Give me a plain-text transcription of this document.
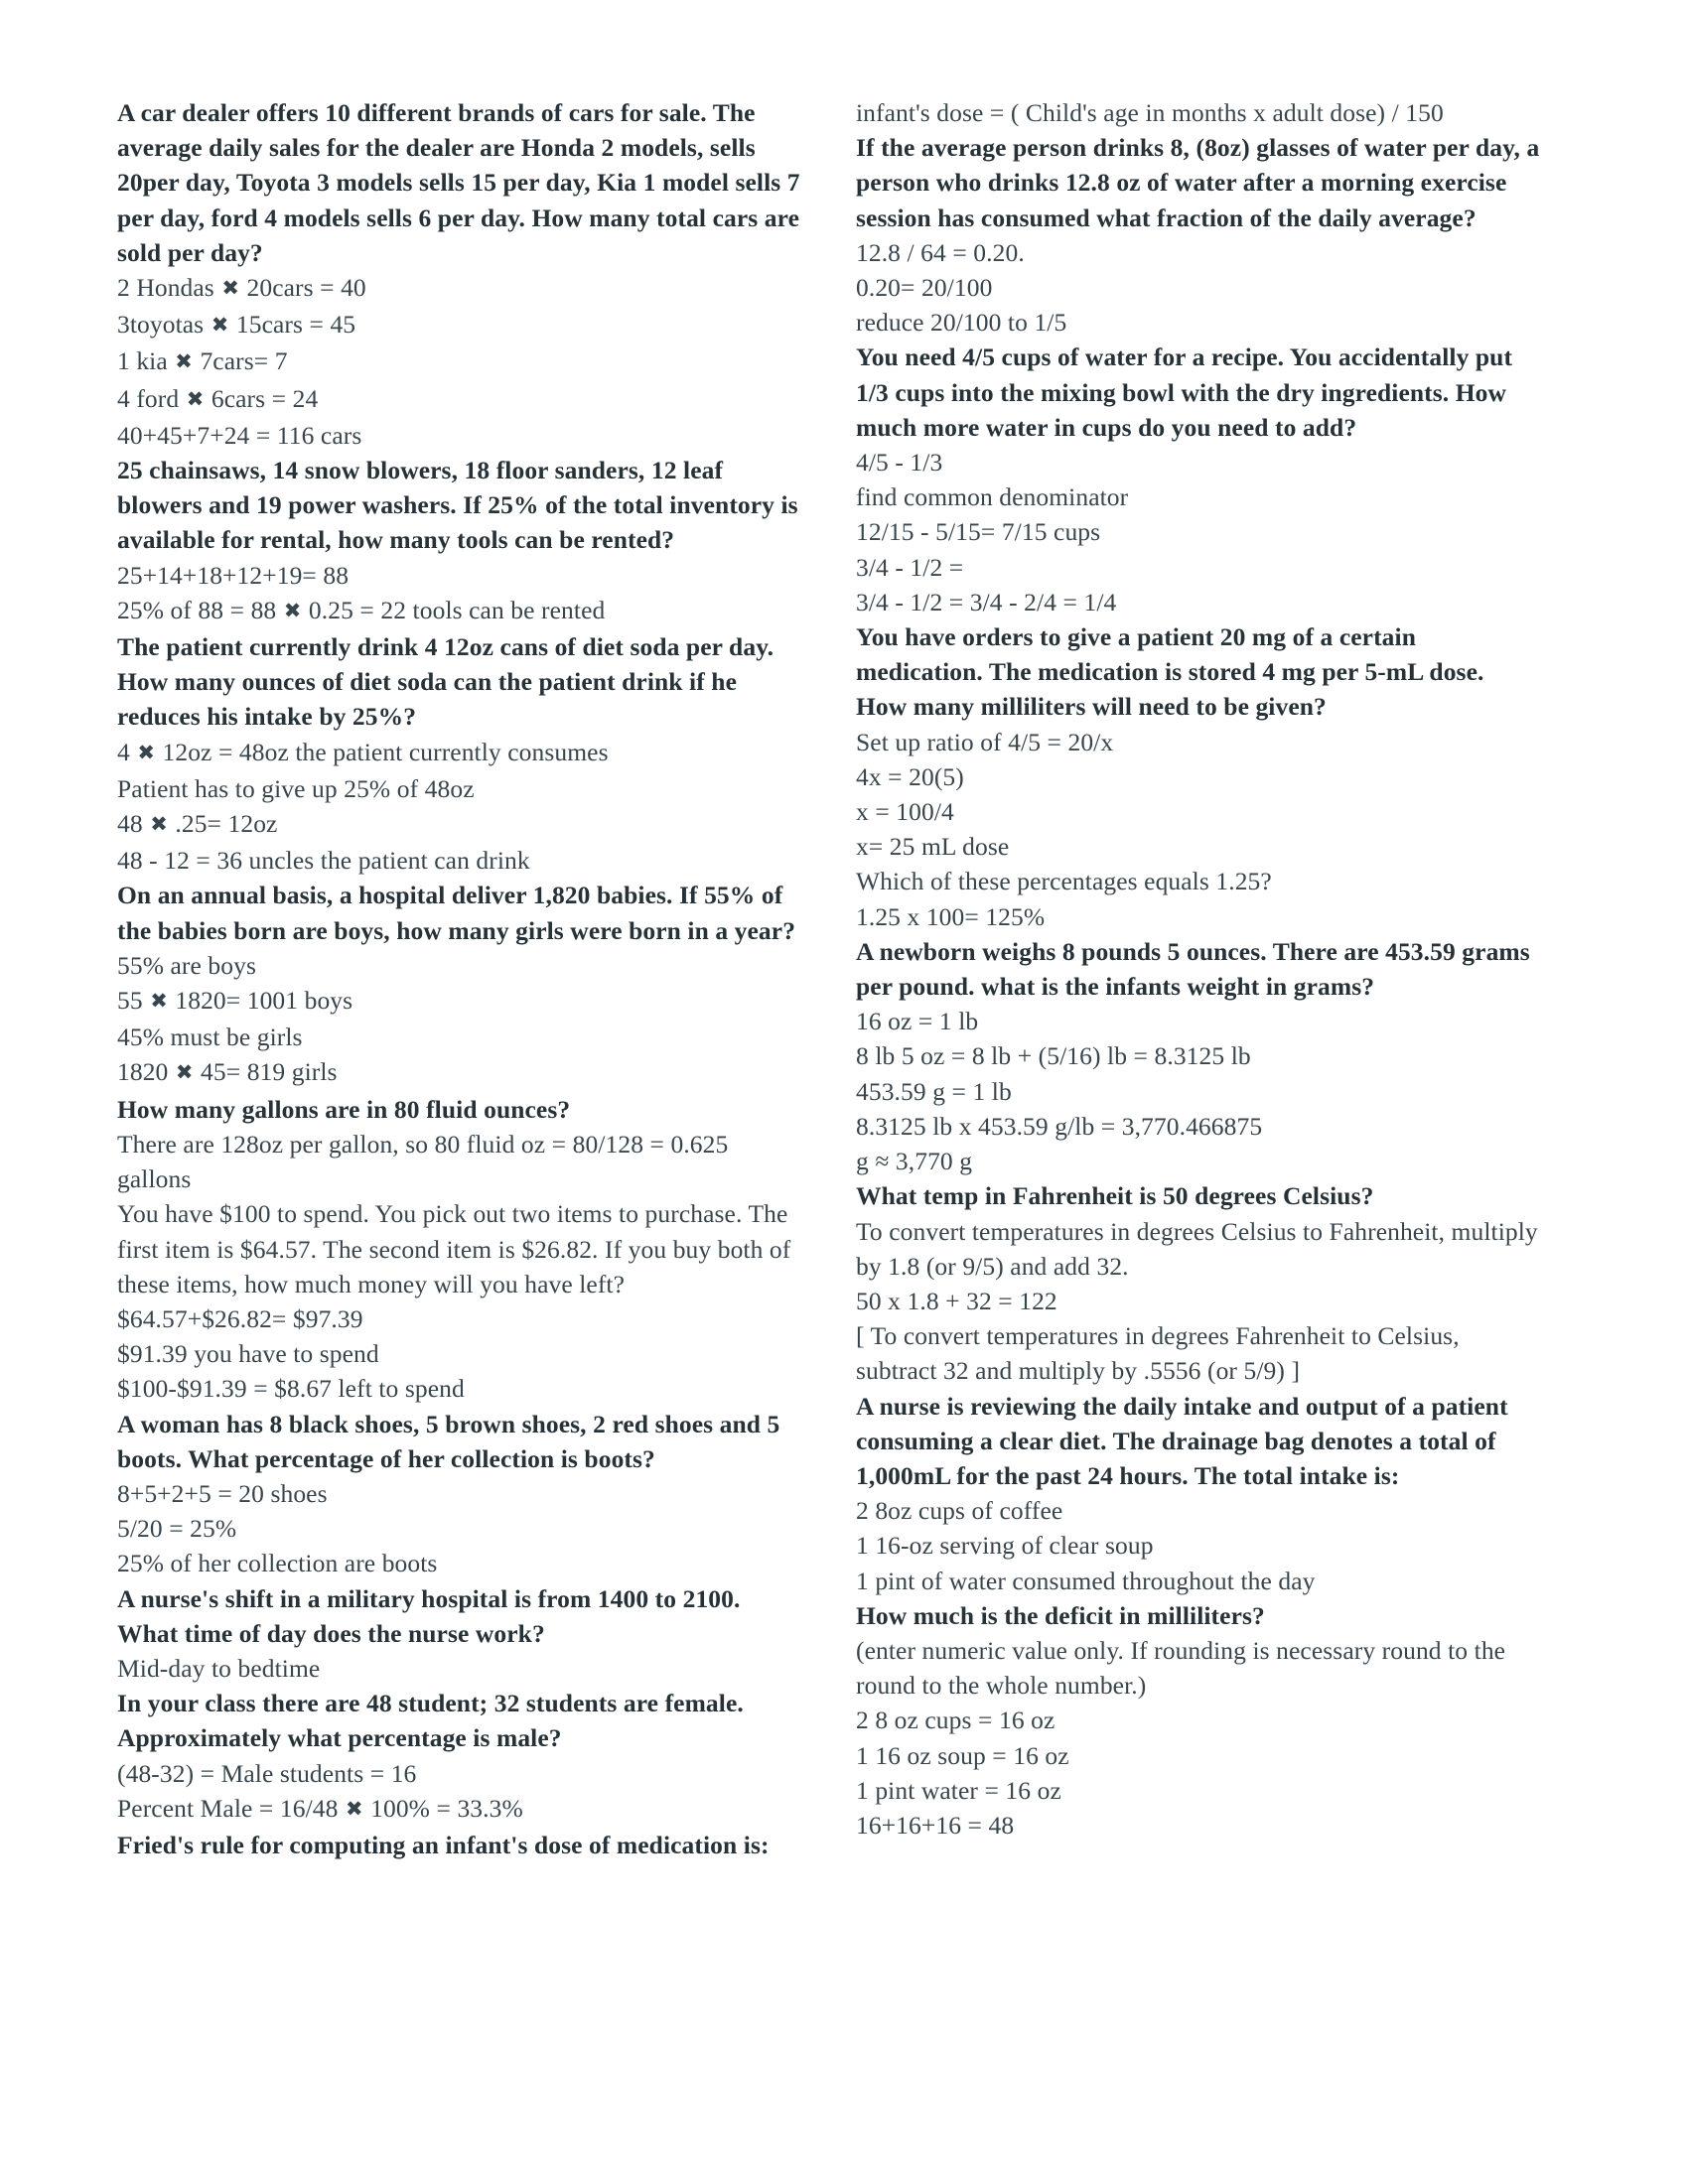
A car dealer offers 10 different brands of cars for sale. The average daily sales for the dealer are Honda 2 models, sells 20per day, Toyota 3 models sells 15 per day, Kia 1 model sells 7 per day, ford 4 models sells 6 per day. How many total cars are sold per day?
2 Hondas ✖ 20cars = 40
3toyotas ✖ 15cars = 45
1 kia ✖ 7cars= 7
4 ford ✖ 6cars = 24
40+45+7+24 = 116 cars
25 chainsaws, 14 snow blowers, 18 floor sanders, 12 leaf blowers and 19 power washers. If 25% of the total inventory is available for rental, how many tools can be rented?
25+14+18+12+19= 88
25% of 88 = 88 ✖ 0.25 = 22 tools can be rented
The patient currently drink 4 12oz cans of diet soda per day. How many ounces of diet soda can the patient drink if he reduces his intake by 25%?
4 ✖ 12oz = 48oz the patient currently consumes
Patient has to give up 25% of 48oz
48 ✖ .25= 12oz
48 - 12 = 36 uncles the patient can drink
On an annual basis, a hospital deliver 1,820 babies. If 55% of the babies born are boys, how many girls were born in a year?
55% are boys
55 ✖ 1820= 1001 boys
45% must be girls
1820 ✖ 45= 819 girls
How many gallons are in 80 fluid ounces?
There are 128oz per gallon, so 80 fluid oz = 80/128 = 0.625 gallons
You have $100 to spend. You pick out two items to purchase. The first item is $64.57. The second item is $26.82. If you buy both of these items, how much money will you have left?
$64.57+$26.82= $97.39
$91.39 you have to spend
$100-$91.39 = $8.67 left to spend
A woman has 8 black shoes, 5 brown shoes, 2 red shoes and 5 boots. What percentage of her collection is boots?
8+5+2+5 = 20 shoes
5/20 = 25%
25% of her collection are boots
A nurse's shift in a military hospital is from 1400 to 2100. What time of day does the nurse work?
Mid-day to bedtime
In your class there are 48 student; 32 students are female. Approximately what percentage is male?
(48-32) = Male students = 16
Percent Male = 16/48 ✖ 100% = 33.3%
Fried's rule for computing an infant's dose of medication is:
infant's dose = ( Child's age in months x adult dose) / 150
If the average person drinks 8, (8oz) glasses of water per day, a person who drinks 12.8 oz of water after a morning exercise session has consumed what fraction of the daily average?
12.8 / 64 = 0.20.
0.20= 20/100
reduce 20/100 to 1/5
You need 4/5 cups of water for a recipe. You accidentally put 1/3 cups into the mixing bowl with the dry ingredients. How much more water in cups do you need to add?
4/5 - 1/3
find common denominator
12/15 - 5/15= 7/15 cups
3/4 - 1/2 =
3/4 - 1/2 = 3/4 - 2/4 = 1/4
You have orders to give a patient 20 mg of a certain medication. The medication is stored 4 mg per 5-mL dose. How many milliliters will need to be given?
Set up ratio of 4/5 = 20/x
4x = 20(5)
x = 100/4
x= 25 mL dose
Which of these percentages equals 1.25?
1.25 x 100= 125%
A newborn weighs 8 pounds 5 ounces. There are 453.59 grams per pound. what is the infants weight in grams?
16 oz = 1 lb
8 lb 5 oz = 8 lb + (5/16) lb = 8.3125 lb
453.59 g = 1 lb
8.3125 lb x 453.59 g/lb = 3,770.466875
g ≈ 3,770 g
What temp in Fahrenheit is 50 degrees Celsius?
To convert temperatures in degrees Celsius to Fahrenheit, multiply by 1.8 (or 9/5) and add 32.
50 x 1.8 + 32 = 122
[ To convert temperatures in degrees Fahrenheit to Celsius, subtract 32 and multiply by .5556 (or 5/9) ]
A nurse is reviewing the daily intake and output of a patient consuming a clear diet. The drainage bag denotes a total of 1,000mL for the past 24 hours. The total intake is:
2 8oz cups of coffee
1 16-oz serving of clear soup
1 pint of water consumed throughout the day
How much is the deficit in milliliters?
(enter numeric value only. If rounding is necessary round to the round to the whole number.)
2 8 oz cups = 16 oz
1 16 oz soup = 16 oz
1 pint water = 16 oz
16+16+16 = 48
